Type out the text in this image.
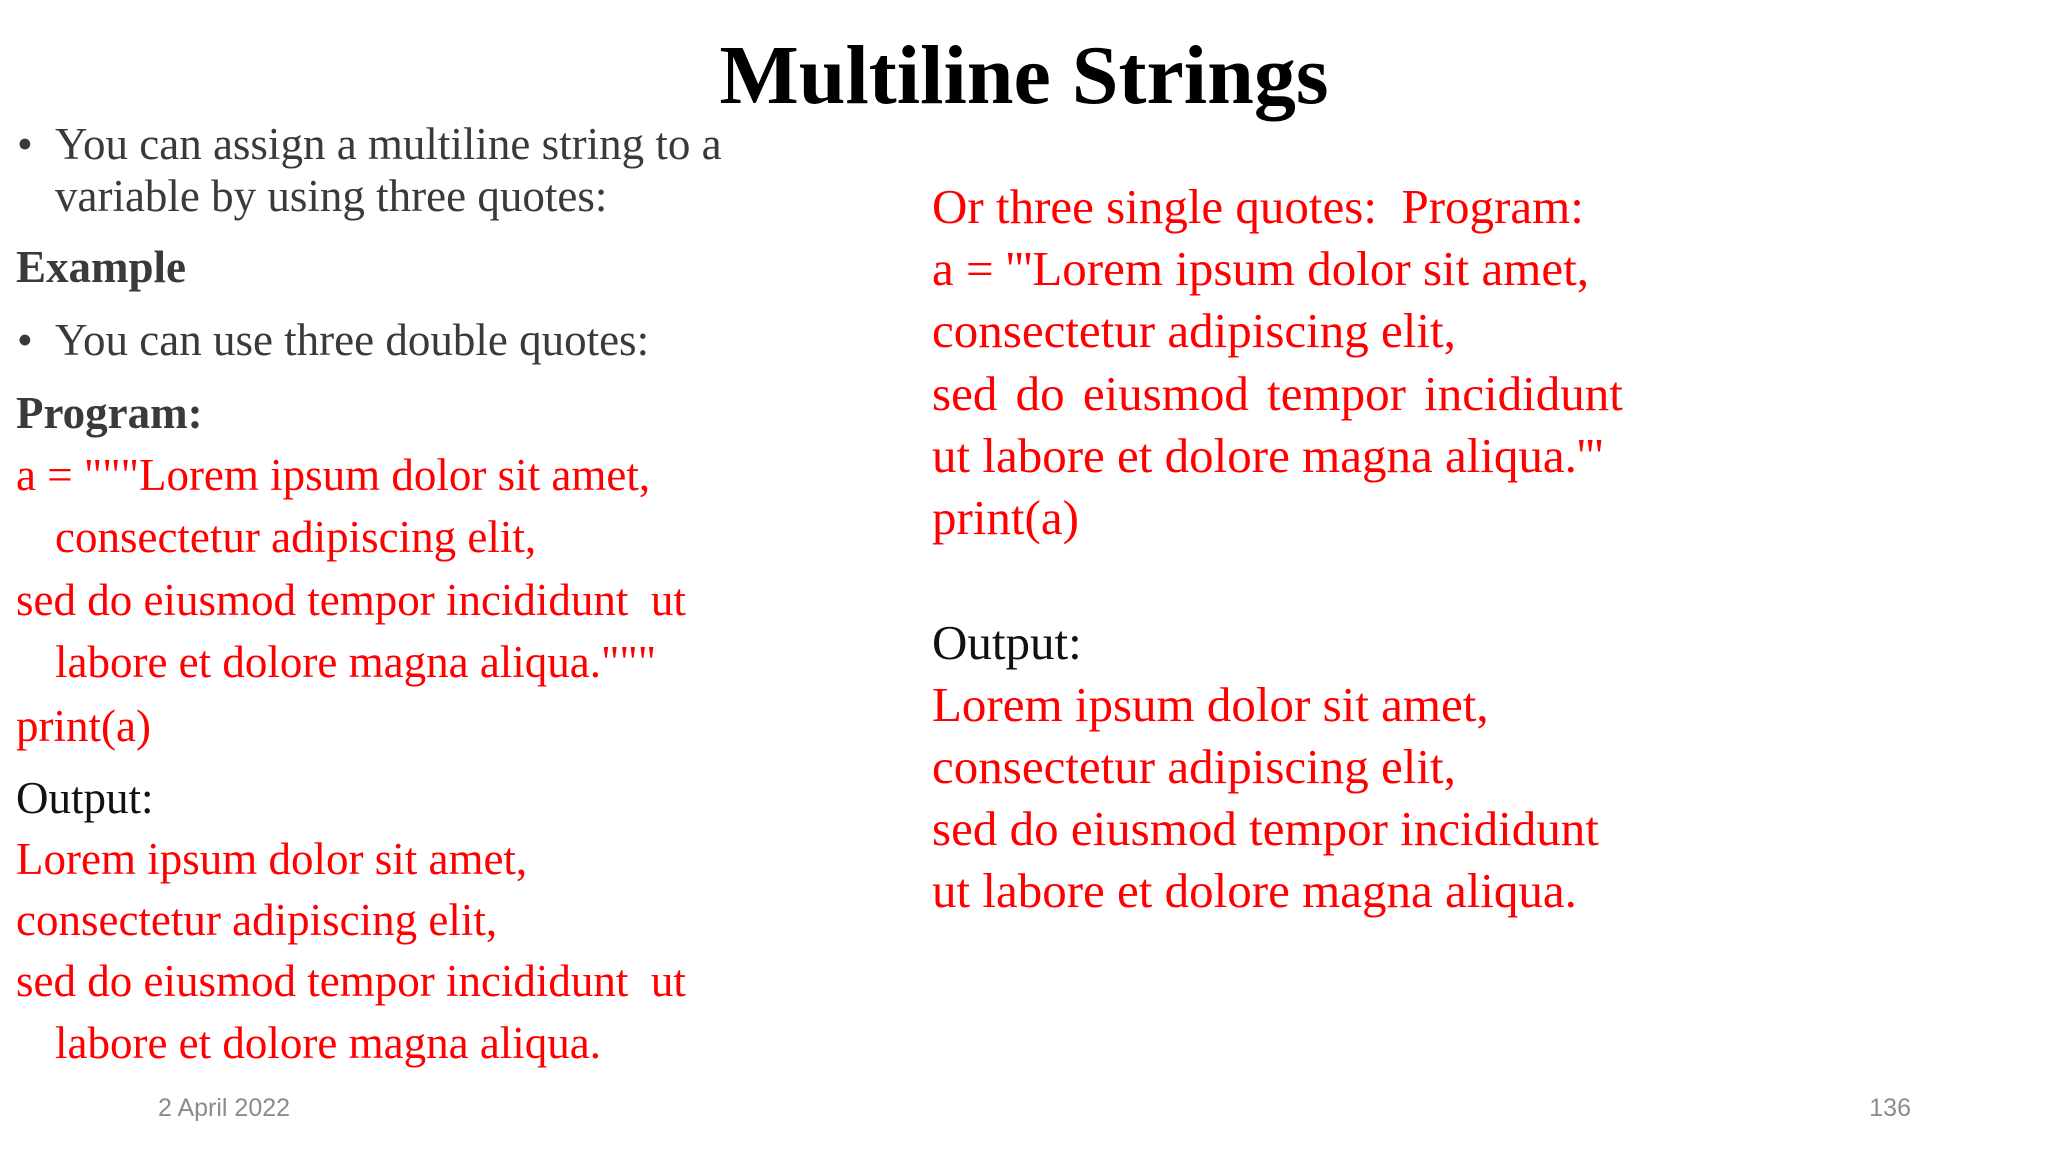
Multiline Strings

• You can assign a multiline string to a

variable by using three quotes:

Example

• You can use three double quotes:

Program:

a = """Lorem ipsum dolor sit amet,

consectetur adipiscing elit,

sed do eiusmod tempor incididunt  ut

labore et dolore magna aliqua."""

print(a)

Output:

Lorem ipsum dolor sit amet,

consectetur adipiscing elit,

sed do eiusmod tempor incididunt  ut

labore et dolore magna aliqua.

Or three single quotes:  Program:

a = '''Lorem ipsum dolor sit amet,

consectetur adipiscing elit,

sed do eiusmod tempor incididunt

ut labore et dolore magna aliqua.'''

print(a)

Output:

Lorem ipsum dolor sit amet,

consectetur adipiscing elit,

sed do eiusmod tempor incididunt

ut labore et dolore magna aliqua.

2 April 2022	136
